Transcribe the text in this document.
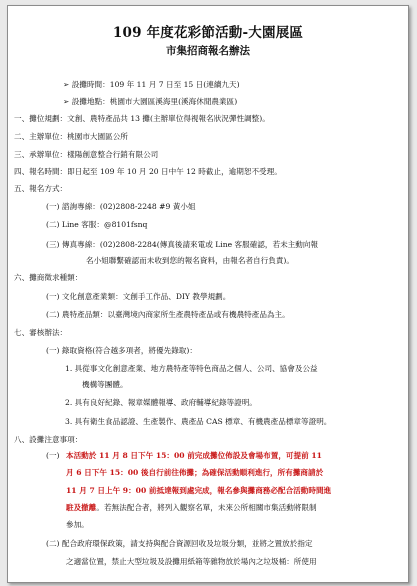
109 年度花彩節活動-大園展區
市集招商報名辦法
➢ 設攤時間：109 年 11 月 7 日至 15 日(連續九天)
➢ 設攤地點：桃園市大園區溪海里(溪海休閒農業區)
一、攤位規劃：文創、農特產品共 13 攤(主辦單位得視報名狀況彈性調整)。
二、主辦單位：桃園市大園區公所
三、承辦單位：樣陽創意整合行銷有限公司
四、報名時間：即日起至 109 年 10 月 20 日中午 12 時截止，逾期恕不受理。
五、報名方式：
(一) 諮詢專線：(02)2808-2248 #9 黃小姐
(二) Line 客服：@8101fsnq
(三) 傳真專線：(02)2808-2284(傳真後請來電或 Line 客服確認，若未主動向報
名小姐聯繫確認而未收到您的報名資料，由報名者自行負責)。
六、攤商徵求種類：
(一) 文化創意產業類：文創手工作品、DIY 教學規劃。
(二) 農特產品類：以臺灣境內商家所生產農特產品或有機農特產品為主。
七、審核辦法：
(一) 錄取資格(符合越多項者，將優先錄取)：
1. 具從事文化創意產業、地方農特產等特色商品之個人、公司、協會及公益
機構等團體。
2. 具有良好紀錄、報章媒體報導、政府輔導紀錄等證明。
3. 具有衛生食品認證、生產製作、農產品 CAS 標章、有機農產品標章等證明。
八、設攤注意事項：
(一) 本活動於 11 月 8 日下午 15：00 前完成攤位佈設及會場布置，可提前 11
月 6 日下午 15：00 後自行前往佈攤；為確保活動順利進行，所有攤商請於
11 月 7 日上午 9：00 前抵達報到處完成，報名參與攤商務必配合活動時間進
駐及撤離。若無法配合者，將列入觀察名單，未來公所相關市集活動將限制
參加。
(二) 配合政府環保政策，請支持與配合資源回收及垃圾分類，並將之置放於指定
之適當位置，禁止大型垃圾及設攤用紙箱等雜物放於場內之垃圾桶：所使用
